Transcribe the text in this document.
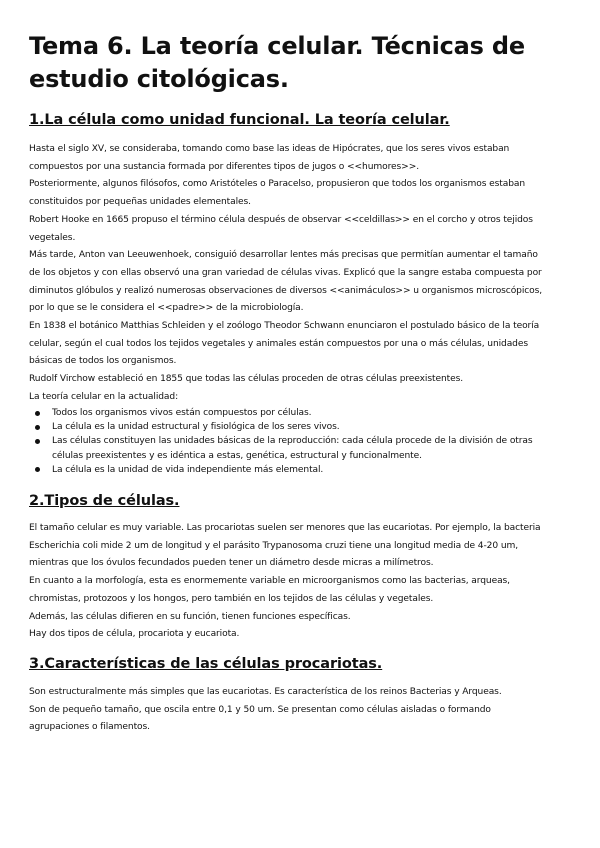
Tema 6. La teoría celular. Técnicas de estudio citológicas.
1.La célula como unidad funcional. La teoría celular.
Hasta el siglo XV, se consideraba, tomando como base las ideas de Hipócrates, que los seres vivos estaban
compuestos por una sustancia formada por diferentes tipos de jugos o <<humores>>.
Posteriormente, algunos filósofos, como Aristóteles o Paracelso, propusieron que todos los organismos estaban
constituidos por pequeñas unidades elementales.
Robert Hooke en 1665 propuso el término célula después de observar <<celdillas>> en el corcho y otros tejidos
vegetales.
Más tarde, Anton van Leeuwenhoek, consiguió desarrollar lentes más precisas que permitían aumentar el tamaño
de los objetos y con ellas observó una gran variedad de células vivas. Explicó que la sangre estaba compuesta por
diminutos glóbulos y realizó numerosas observaciones de diversos <<animáculos>> u organismos microscópicos,
por lo que se le considera el <<padre>> de la microbiología.
En 1838 el botánico Matthias Schleiden y el zoólogo Theodor Schwann enunciaron el postulado básico de la teoría
celular, según el cual todos los tejidos vegetales y animales están compuestos por una o más células, unidades
básicas de todos los organismos.
Rudolf Virchow estableció en 1855 que todas las células proceden de otras células preexistentes.
La teoría celular en la actualidad:
Todos los organismos vivos están compuestos por células.
La célula es la unidad estructural y fisiológica de los seres vivos.
Las células constituyen las unidades básicas de la reproducción: cada célula procede de la división de otras
células preexistentes y es idéntica a estas, genética, estructural y funcionalmente.
La célula es la unidad de vida independiente más elemental.
2.Tipos de células.
El tamaño celular es muy variable. Las procariotas suelen ser menores que las eucariotas. Por ejemplo, la bacteria
Escherichia coli mide 2 um de longitud y el parásito Trypanosoma cruzi tiene una longitud media de 4-20 um,
mientras que los óvulos fecundados pueden tener un diámetro desde micras a milímetros.
En cuanto a la morfología, esta es enormemente variable en microorganismos como las bacterias, arqueas,
chromistas, protozoos y los hongos, pero también en los tejidos de las células y vegetales.
Además, las células difieren en su función, tienen funciones específicas.
Hay dos tipos de célula, procariota y eucariota.
3.Características de las células procariotas.
Son estructuralmente más simples que las eucariotas. Es característica de los reinos Bacterias y Arqueas.
Son de pequeño tamaño, que oscila entre 0,1 y 50 um. Se presentan como células aisladas o formando
agrupaciones o filamentos.
